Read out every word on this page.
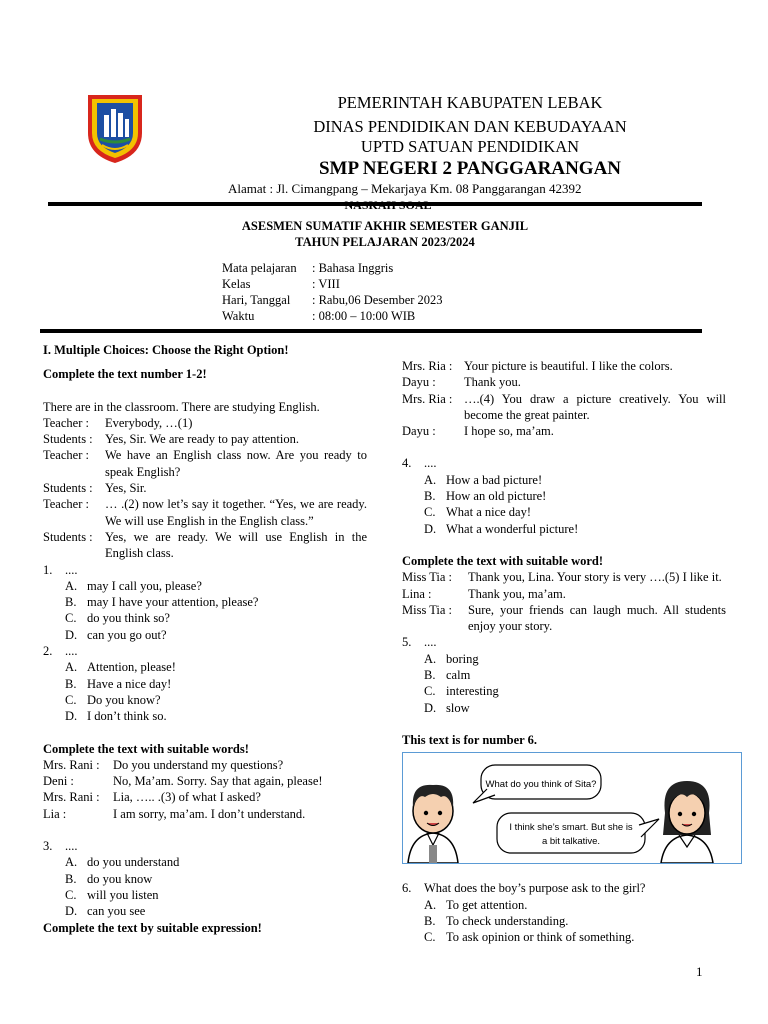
PEMERINTAH KABUPATEN LEBAK
DINAS PENDIDIKAN DAN KEBUDAYAAN
UPTD SATUAN PENDIDIKAN
SMP NEGERI 2 PANGGARANGAN
Alamat : Jl. Cimangpang – Mekarjaya Km. 08 Panggarangan 42392
ASESMEN SUMATIF AKHIR SEMESTER GANJIL
TAHUN PELAJARAN 2023/2024
Mata pelajaran : Bahasa Inggris
Kelas	: VIII
Hari, Tanggal : Rabu,06 Desember 2023
Waktu	: 08:00 – 10:00 WIB

I. Multiple Choices: Choose the Right Option!

Complete the text number 1-2!

There are in the classroom. There are studying English.

Teacher :	Everybody, …(1)
Students : Yes, Sir. We are ready to pay attention.
Teacher :	We have an English class now. Are you ready to speak English?
Students : Yes, Sir.
Teacher :	… .(2) now let’s say it together. “Yes, we are ready. We will use English in the English class.”
Students : Yes, we are ready. We will use English in the English class.
1.	....
A. may I call you, please?
B. may I have your attention, please?
C. do you think so?
D. can you go out?
2.	....
A. Attention, please!
B. Have a nice day!
C. Do you know?
D. I don’t think so.

Complete the text with suitable words!

Mrs. Rani :	Do you understand my questions?
Deni :	No, Ma’am. Sorry. Say that again, please!
Mrs. Rani :	Lia, ….. .(3) of what I asked?
Lia :	I am sorry, ma’am. I don’t understand.
3.	....
A. do you understand
B. do you know
C. will you listen
D. can you see

Complete the text by suitable expression!

Mrs. Ria : Your picture is beautiful. I like the colors.
Dayu :	Thank you.
Mrs. Ria : ….(4) You draw a picture creatively. You will become the great painter.
Dayu :	I hope so, ma’am.
4.	....
A. How a bad picture!
B. How an old picture!
C. What a nice day!
D. What a wonderful picture!

Complete the text with suitable word!

Miss Tia :	Thank you, Lina. Your story is very ….(5) I like it.
Lina :	Thank you, ma’am.
Miss Tia :	Sure, your friends can laugh much. All students enjoy your story.
5.	....
A. boring
B. calm
C. interesting
D. slow

This text is for number 6.

What do you think of Sita?
I think she’s smart. But she is
a bit talkative.
6.	What does the boy’s purpose ask to the girl?
A. To get attention.
B. To check understanding.
C. To ask opinion or think of something.
1
